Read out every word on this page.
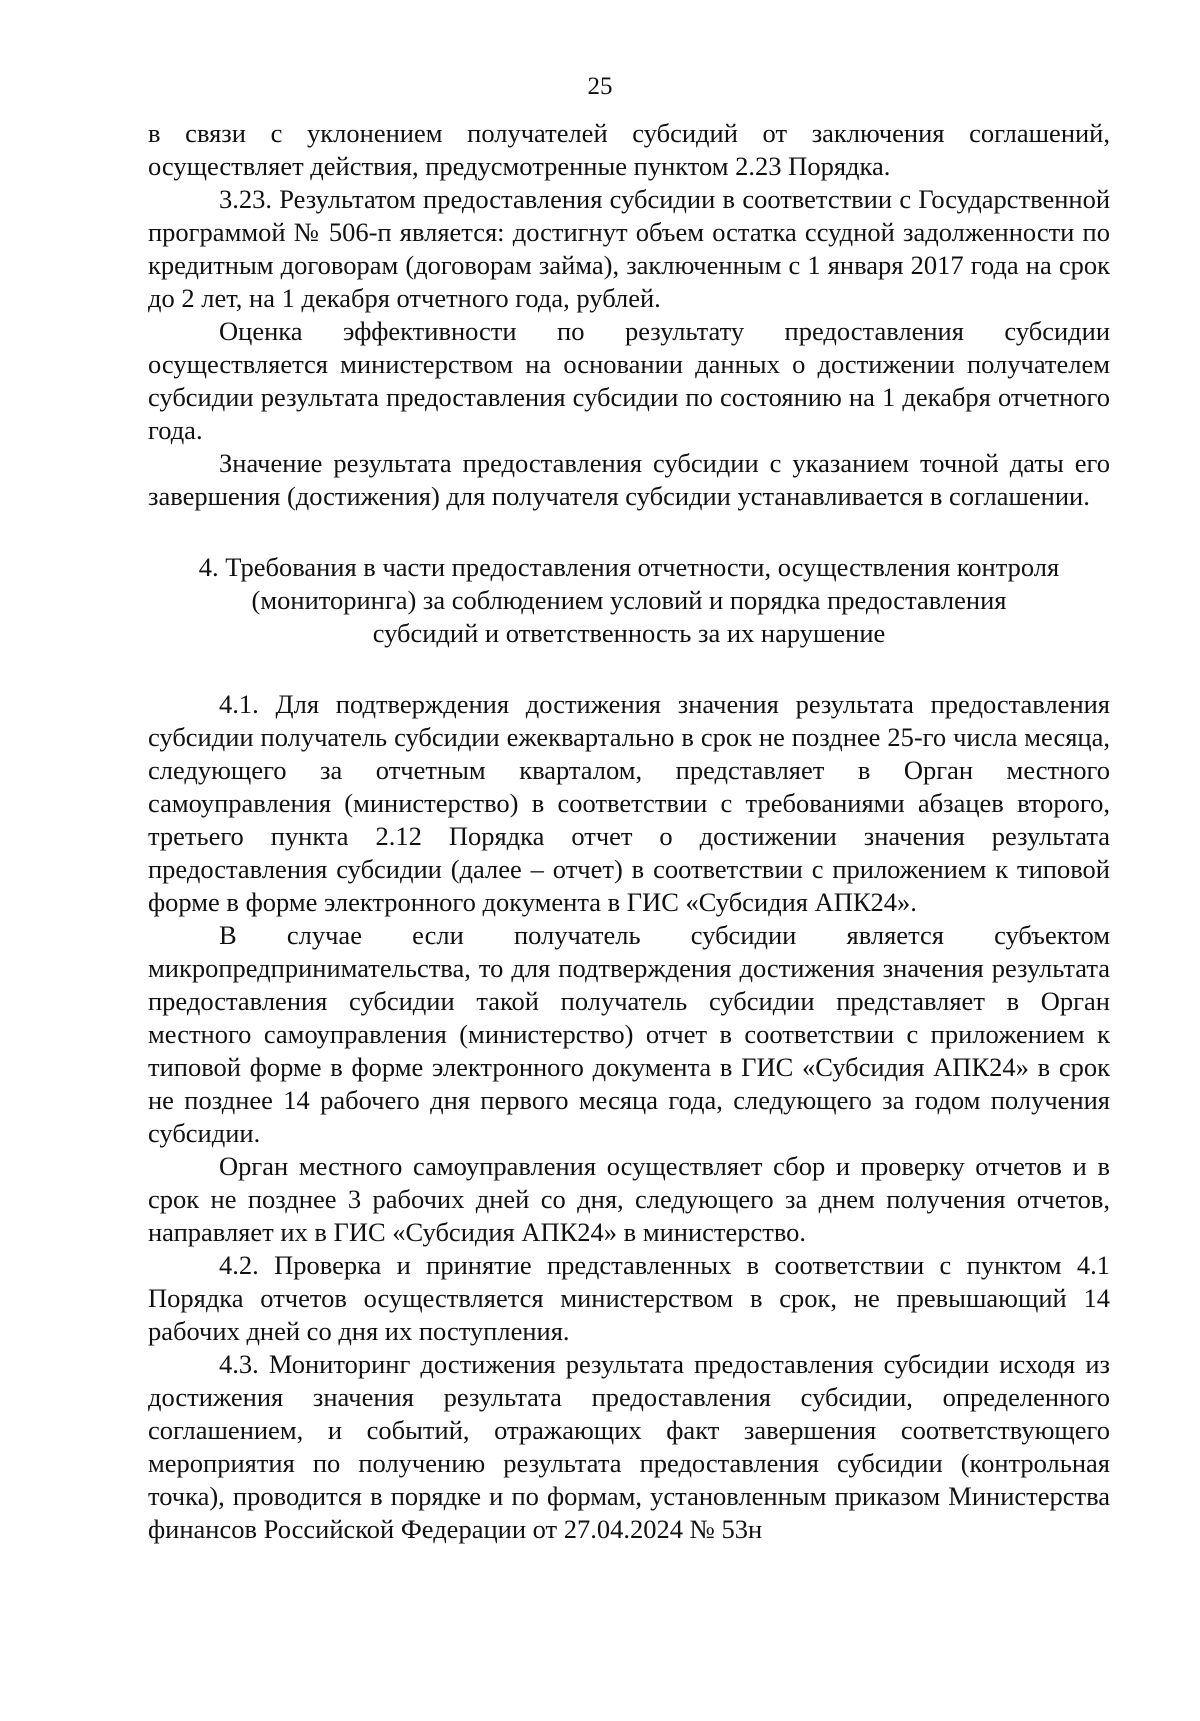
25

в связи с уклонением получателей субсидий от заключения соглашений, осуществляет действия, предусмотренные пунктом 2.23 Порядка.

3.23. Результатом предоставления субсидии в соответствии с Государственной программой № 506-п является: достигнут объем остатка ссудной задолженности по кредитным договорам (договорам займа), заключенным с 1 января 2017 года на срок до 2 лет, на 1 декабря отчетного года, рублей.

Оценка эффективности по результату предоставления субсидии осуществляется министерством на основании данных о достижении получателем субсидии результата предоставления субсидии по состоянию на 1 декабря отчетного года.

Значение результата предоставления субсидии с указанием точной даты его завершения (достижения) для получателя субсидии устанавливается в соглашении.

4. Требования в части предоставления отчетности, осуществления контроля

(мониторинга) за соблюдением условий и порядка предоставления

субсидий и ответственность за их нарушение

4.1. Для подтверждения достижения значения результата предоставления субсидии получатель субсидии ежеквартально в срок не позднее 25-го числа месяца, следующего за отчетным кварталом, представляет в Орган местного самоуправления (министерство) в соответствии с требованиями абзацев второго, третьего пункта 2.12 Порядка отчет о достижении значения результата предоставления субсидии (далее – отчет) в соответствии с приложением к типовой форме в форме электронного документа в ГИС «Субсидия АПК24».

В случае если получатель субсидии является субъектом микропредпринимательства, то для подтверждения достижения значения результата предоставления субсидии такой получатель субсидии представляет в Орган местного самоуправления (министерство) отчет в соответствии с приложением к типовой форме в форме электронного документа в ГИС «Субсидия АПК24» в срок не позднее 14 рабочего дня первого месяца года, следующего за годом получения субсидии.

Орган местного самоуправления осуществляет сбор и проверку отчетов и в срок не позднее 3 рабочих дней со дня, следующего за днем получения отчетов, направляет их в ГИС «Субсидия АПК24» в министерство.

4.2. Проверка и принятие представленных в соответствии с пунктом 4.1 Порядка отчетов осуществляется министерством в срок, не превышающий 14 рабочих дней со дня их поступления.

4.3. Мониторинг достижения результата предоставления субсидии исходя из достижения значения результата предоставления субсидии, определенного соглашением, и событий, отражающих факт завершения соответствующего мероприятия по получению результата предоставления субсидии (контрольная точка), проводится в порядке и по формам, установленным приказом Министерства финансов Российской Федерации от 27.04.2024 № 53н
